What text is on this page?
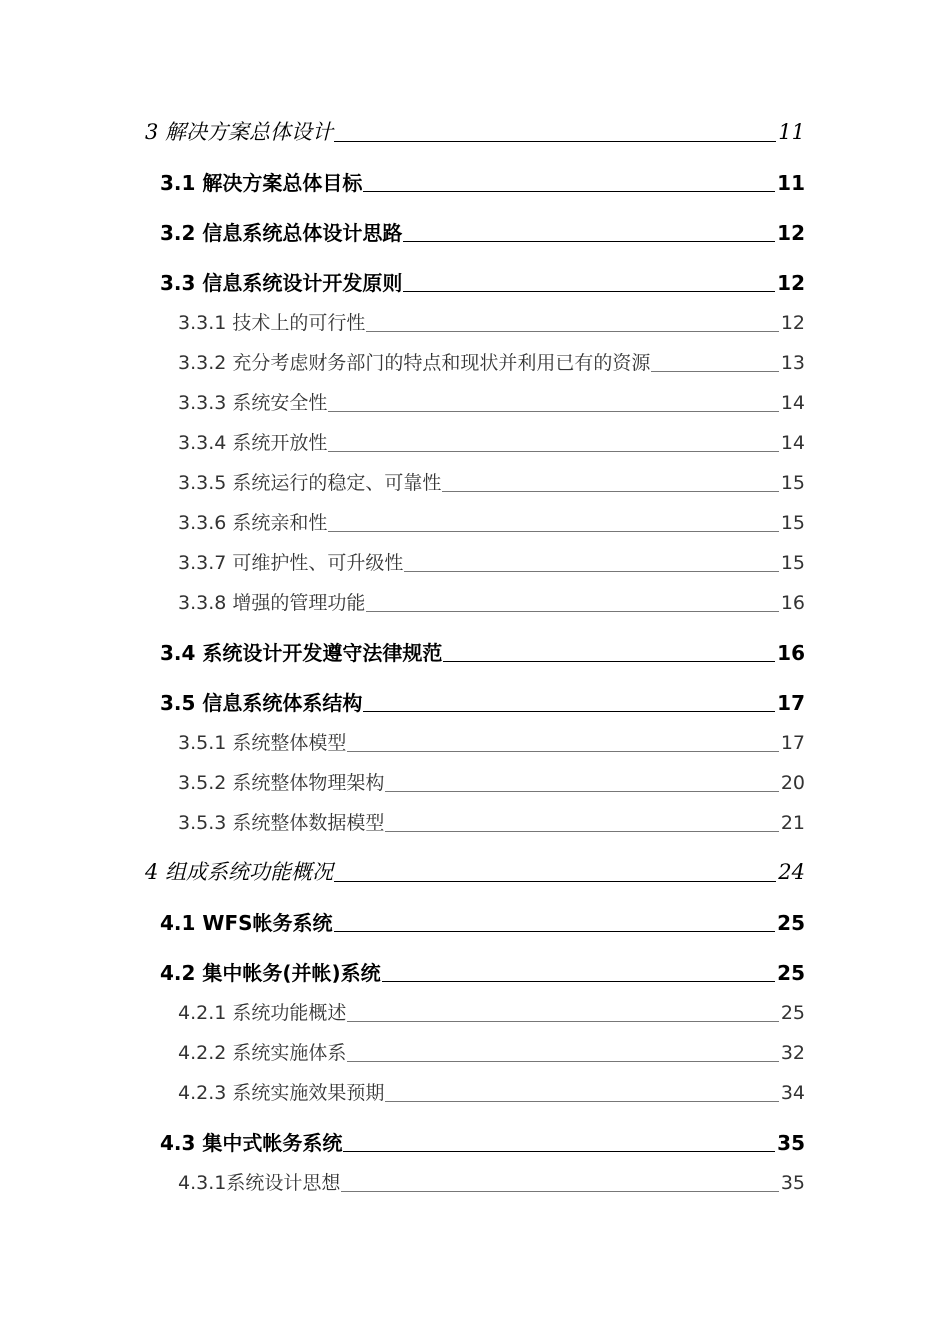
3 解决方案总体设计	11
3.1 解决方案总体目标	11
3.2 信息系统总体设计思路	12
3.3 信息系统设计开发原则	12
3.3.1 技术上的可行性	12
3.3.2 充分考虑财务部门的特点和现状并利用已有的资源	13
3.3.3 系统安全性	14
3.3.4 系统开放性	14
3.3.5 系统运行的稳定、可靠性	15
3.3.6 系统亲和性	15
3.3.7 可维护性、可升级性	15
3.3.8 增强的管理功能	16
3.4 系统设计开发遵守法律规范	16
3.5 信息系统体系结构	17
3.5.1 系统整体模型	17
3.5.2 系统整体物理架构	20
3.5.3 系统整体数据模型	21
4 组成系统功能概况	24
4.1 WFS帐务系统	25
4.2 集中帐务(并帐)系统	25
4.2.1 系统功能概述	25
4.2.2 系统实施体系	32
4.2.3 系统实施效果预期	34
4.3 集中式帐务系统	35
4.3.1系统设计思想	35
